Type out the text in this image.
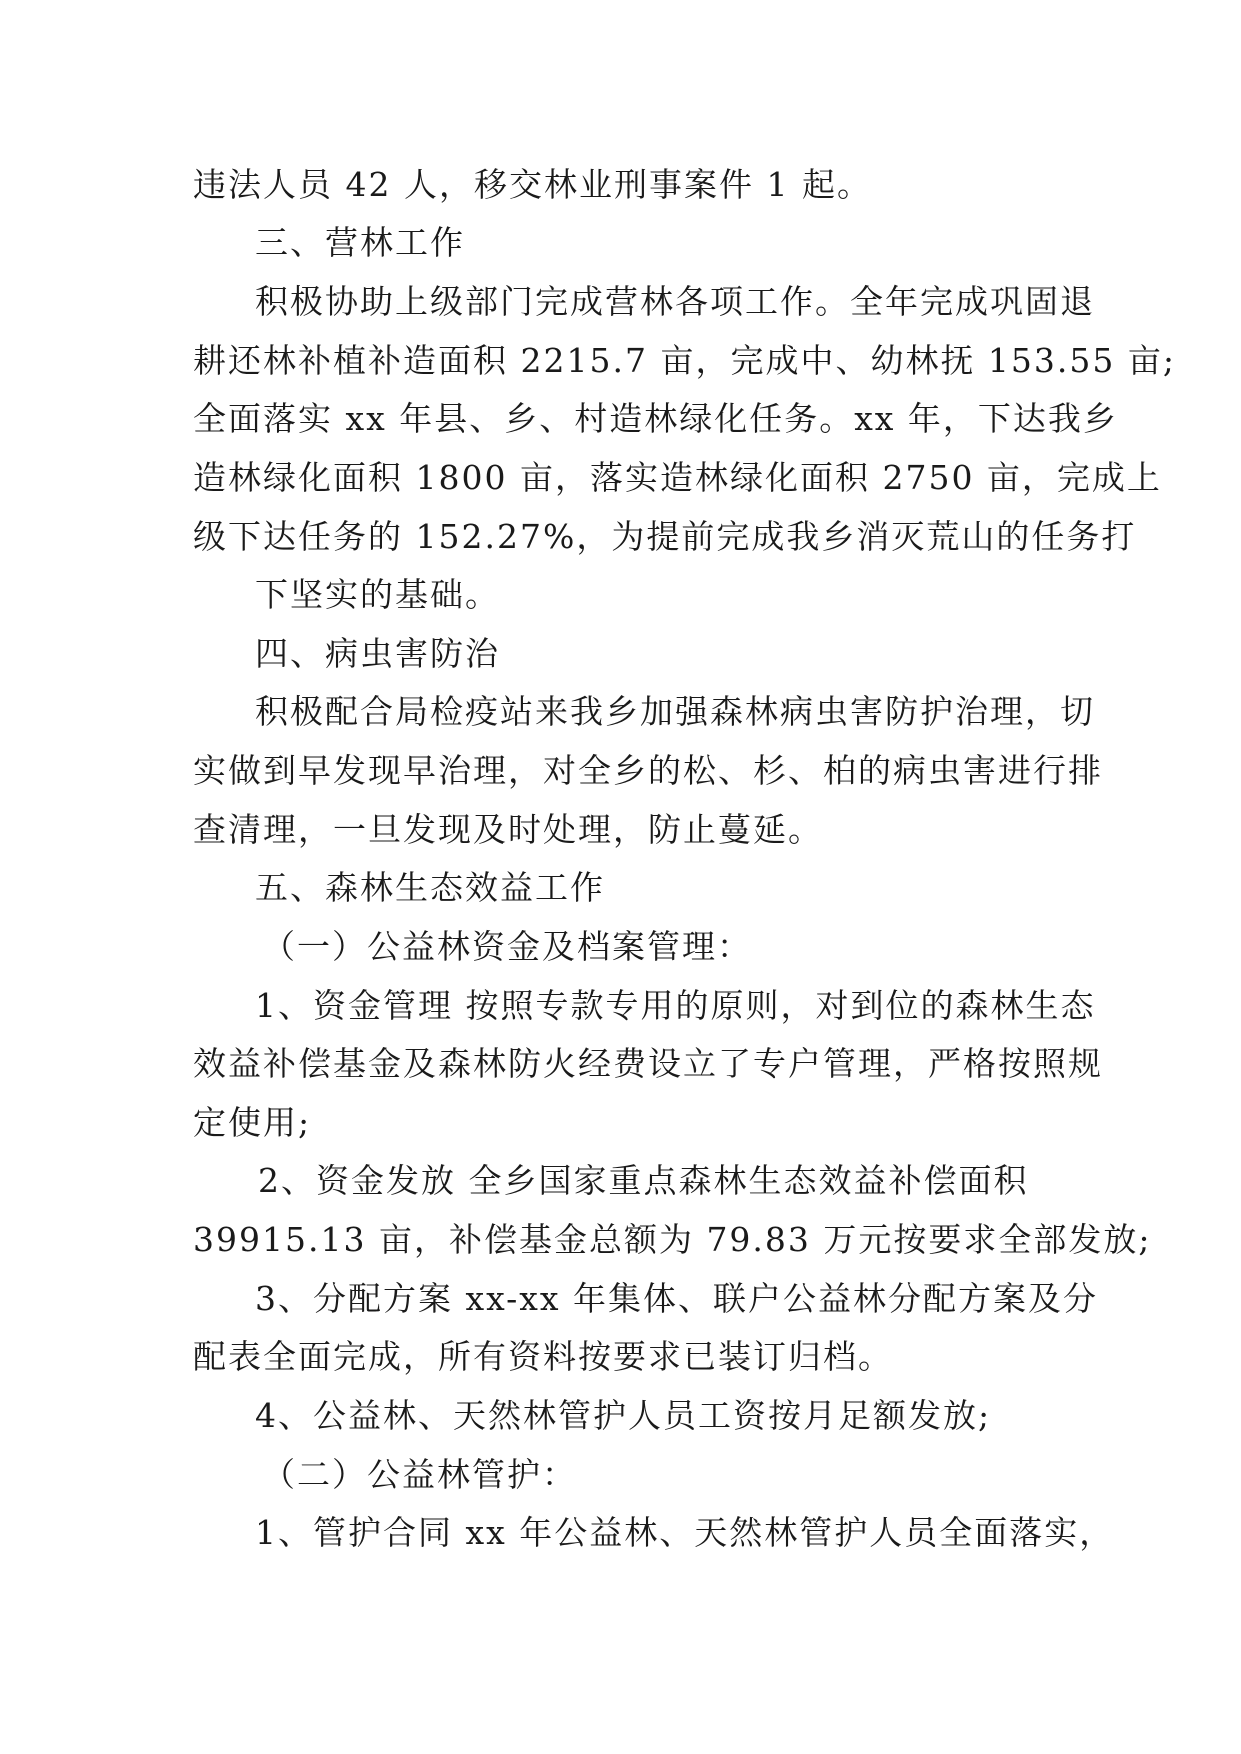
违法人员 42 人，移交林业刑事案件 1 起。
三、营林工作
积极协助上级部门完成营林各项工作。全年完成巩固退
耕还林补植补造面积 2215.7 亩，完成中、幼林抚 153.55 亩;
全面落实 xx 年县、乡、村造林绿化任务。xx 年，下达我乡
造林绿化面积 1800 亩，落实造林绿化面积 2750 亩，完成上
级下达任务的 152.27%，为提前完成我乡消灭荒山的任务打
下坚实的基础。
四、病虫害防治
积极配合局检疫站来我乡加强森林病虫害防护治理，切
实做到早发现早治理，对全乡的松、杉、柏的病虫害进行排
查清理，一旦发现及时处理，防止蔓延。
五、森林生态效益工作
（一）公益林资金及档案管理：
1、资金管理 按照专款专用的原则，对到位的森林生态
效益补偿基金及森林防火经费设立了专户管理，严格按照规
定使用;
2、资金发放 全乡国家重点森林生态效益补偿面积
39915.13 亩，补偿基金总额为 79.83 万元按要求全部发放;
3、分配方案 xx-xx 年集体、联户公益林分配方案及分
配表全面完成，所有资料按要求已装订归档。
4、公益林、天然林管护人员工资按月足额发放;
（二）公益林管护：
1、管护合同 xx 年公益林、天然林管护人员全面落实，
